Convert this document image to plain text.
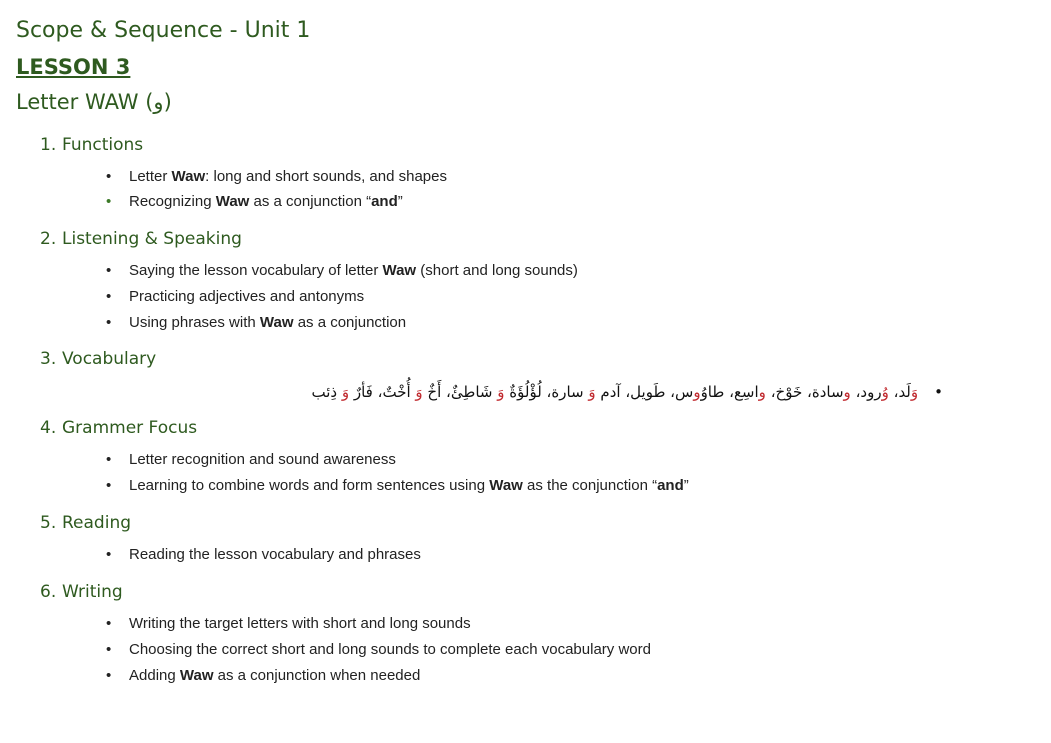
Scope & Sequence - Unit 1
LESSON 3
Letter WAW (و)
1. Functions
• Letter Waw: long and short sounds, and shapes
• Recognizing Waw as a conjunction “and”
2. Listening & Speaking
• Saying the lesson vocabulary of letter Waw (short and long sounds)
• Practicing adjectives and antonyms
• Using phrases with Waw as a conjunction
3. Vocabulary
•وَلَد، وُرود، وسادة، خَوْخ، واسِع، طاوُوس، طَويل، آدم وَ سارة، لُؤْلُؤَةٌ وَ شَاطِئٌ، أَخٌ وَ أُخْتٌ، فَأرٌ وَ ذِئب
4. Grammer Focus
• Letter recognition and sound awareness
• Learning to combine words and form sentences using Waw as the conjunction “and”
5. Reading
• Reading the lesson vocabulary and phrases
6. Writing
• Writing the target letters with short and long sounds
• Choosing the correct short and long sounds to complete each vocabulary word
• Adding Waw as a conjunction when needed
